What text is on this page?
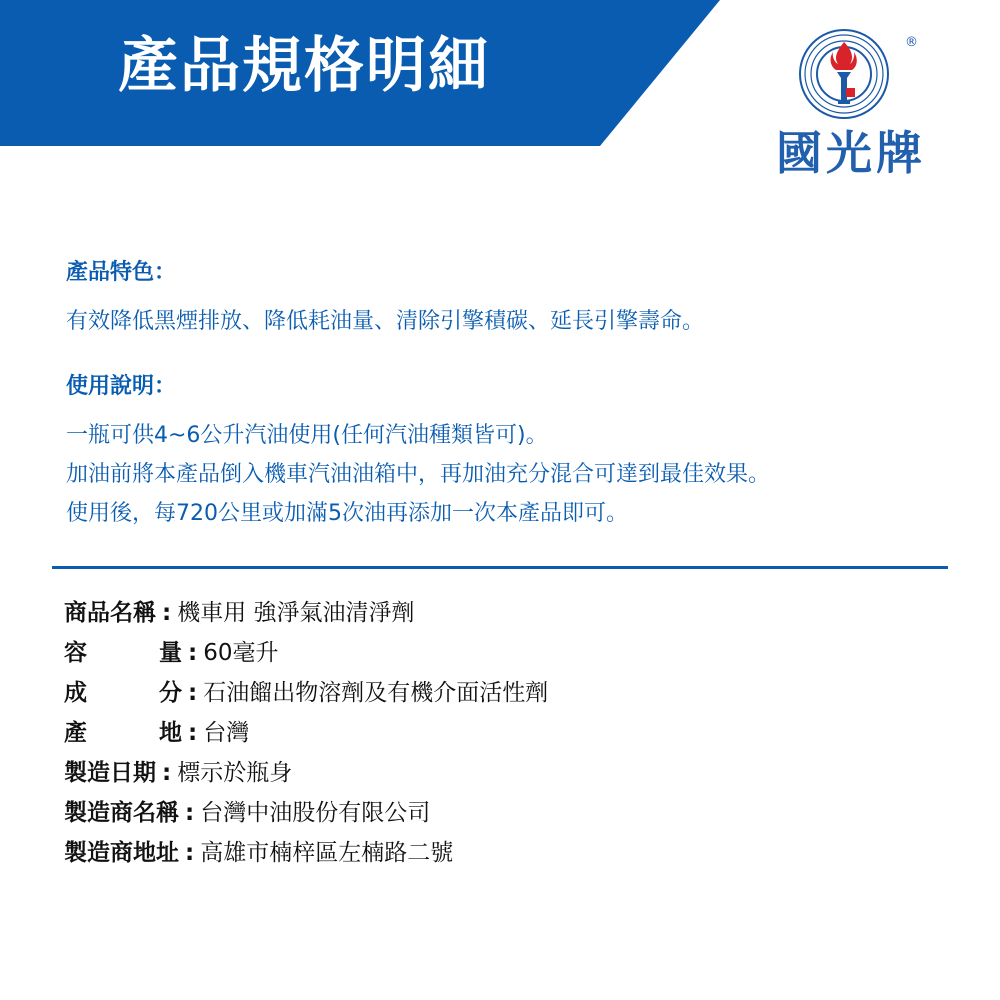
產品規格明細	®
國光牌
產品特色：
有效降低黑煙排放、降低耗油量、清除引擎積碳、延長引擎壽命。
使用說明：
一瓶可供4~6公升汽油使用(任何汽油種類皆可)。
加油前將本產品倒入機車汽油油箱中，再加油充分混合可達到最佳效果。
使用後，每720公里或加滿5次油再添加一次本產品即可。
商品名稱 : 機車用 強淨氣油清淨劑
容量 : 60毫升
成分 : 石油餾出物溶劑及有機介面活性劑
產地 : 台灣
製造日期 : 標示於瓶身
製造商名稱 : 台灣中油股份有限公司
製造商地址 : 高雄市楠梓區左楠路二號
